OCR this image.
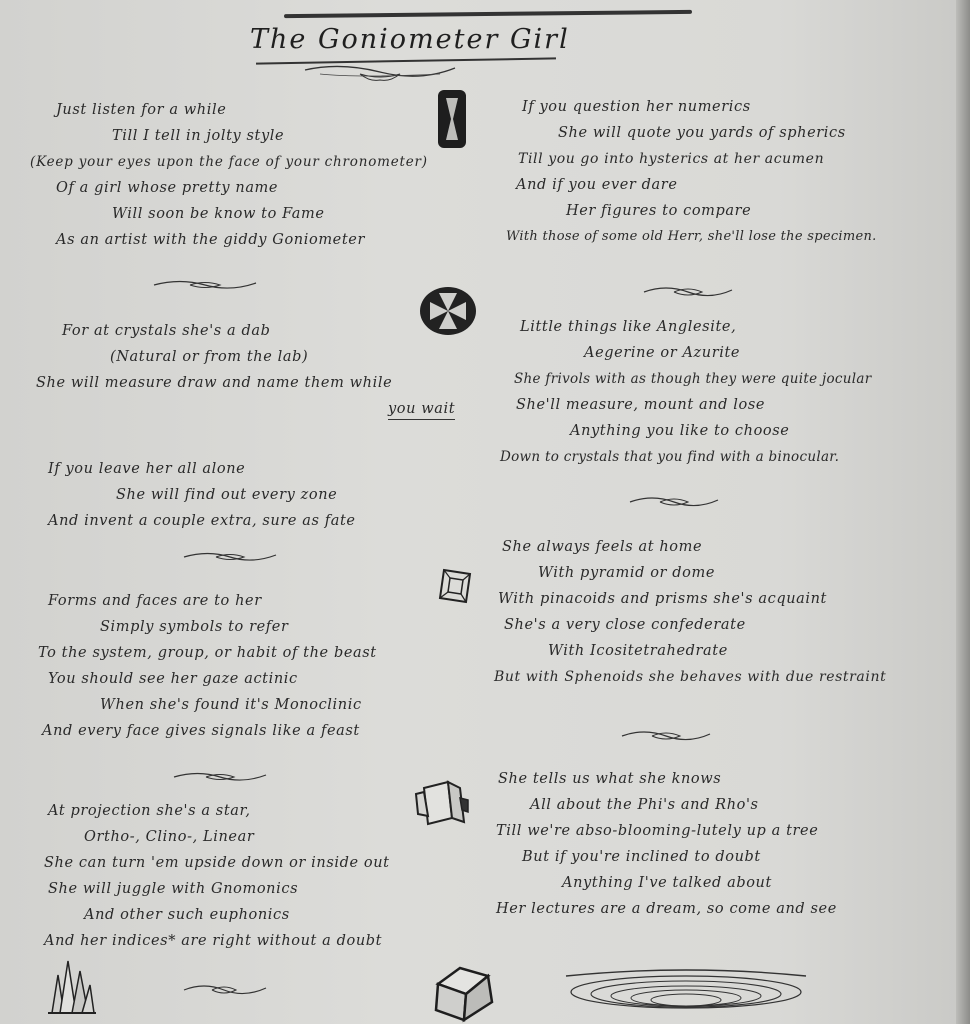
The Goniometer Girl
Just listen for a while
Till I tell in jolty style
(Keep your eyes upon the face of your chronometer)
Of a girl whose pretty name
Will soon be know to Fame
As an artist with the giddy Goniometer
For at crystals she's a dab
(Natural or from the lab)
She will measure draw and name them while
you wait
If you leave her all alone
She will find out every zone
And invent a couple extra, sure as fate
Forms and faces are to her
Simply symbols to refer
To the system, group, or habit of the beast
You should see her gaze actinic
When she's found it's Monoclinic
And every face gives signals like a feast
At projection she's a star,
Ortho-, Clino-, Linear
She can turn 'em upside down or inside out
She will juggle with Gnomonics
And other such euphonics
And her indices* are right without a doubt
If you question her numerics
She will quote you yards of spherics
Till you go into hysterics at her acumen
And if you ever dare
Her figures to compare
With those of some old Herr, she'll lose the specimen.
Little things like Anglesite,
Aegerine or Azurite
She frivols with as though they were quite jocular
She'll measure, mount and lose
Anything you like to choose
Down to crystals that you find with a binocular.
She always feels at home
With pyramid or dome
With pinacoids and prisms she's acquaint
She's a very close confederate
With Icositetrahedrate
But with Sphenoids she behaves with due restraint
She tells us what she knows
All about the Phi's and Rho's
Till we're abso-blooming-lutely up a tree
But if you're inclined to doubt
Anything I've talked about
Her lectures are a dream, so come and see
